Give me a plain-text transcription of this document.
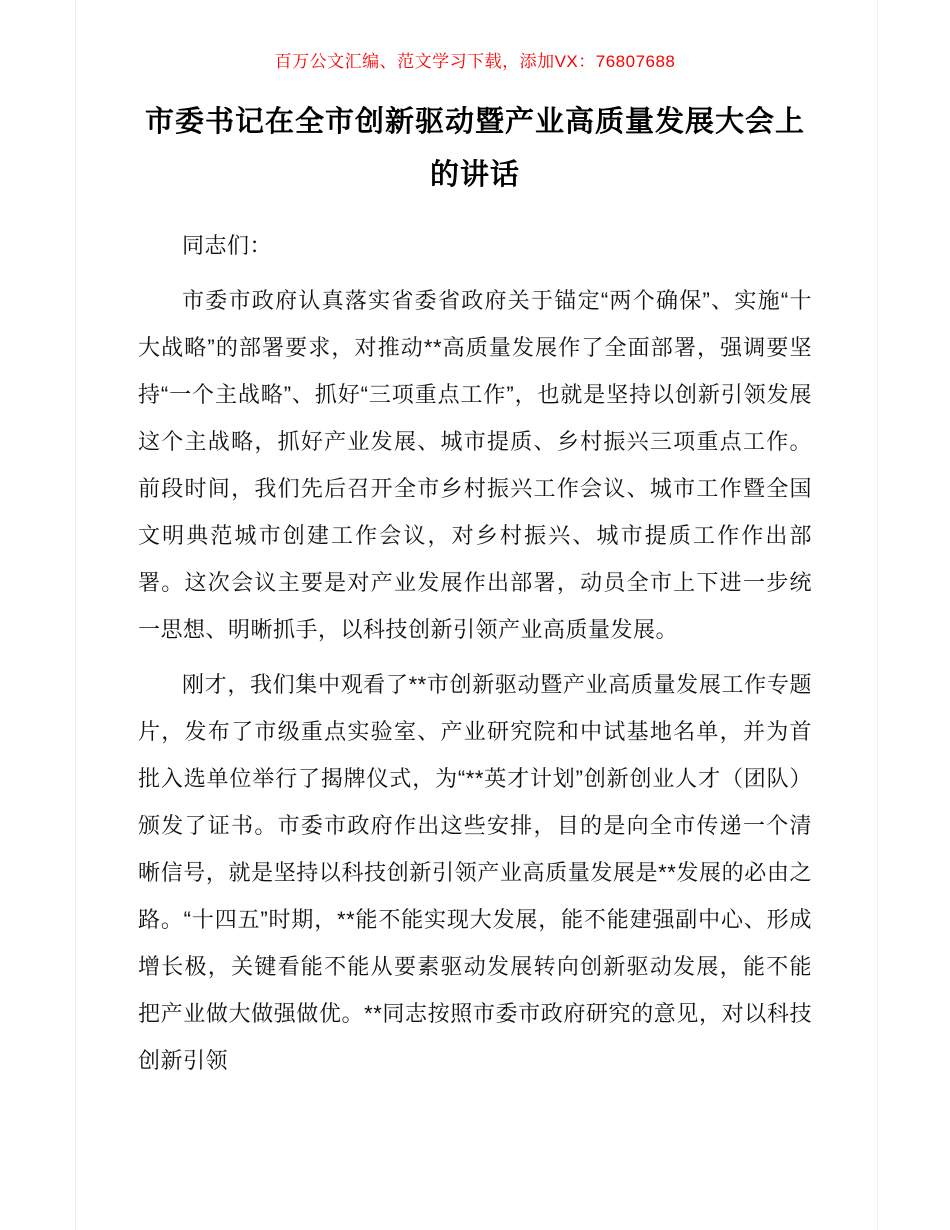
百万公文汇编、范文学习下载，添加VX：76807688
市委书记在全市创新驱动暨产业高质量发展大会上的讲话

同志们：

市委市政府认真落实省委省政府关于锚定“两个确保”、实施“十大战略”的部署要求，对推动**高质量发展作了全面部署，强调要坚持“一个主战略”、抓好“三项重点工作”，也就是坚持以创新引领发展这个主战略，抓好产业发展、城市提质、乡村振兴三项重点工作。前段时间，我们先后召开全市乡村振兴工作会议、城市工作暨全国文明典范城市创建工作会议，对乡村振兴、城市提质工作作出部署。这次会议主要是对产业发展作出部署，动员全市上下进一步统一思想、明晰抓手，以科技创新引领产业高质量发展。

刚才，我们集中观看了**市创新驱动暨产业高质量发展工作专题片，发布了市级重点实验室、产业研究院和中试基地名单，并为首批入选单位举行了揭牌仪式，为“**英才计划”创新创业人才（团队）颁发了证书。市委市政府作出这些安排，目的是向全市传递一个清晰信号，就是坚持以科技创新引领产业高质量发展是**发展的必由之路。“十四五”时期，**能不能实现大发展，能不能建强副中心、形成增长极，关键看能不能从要素驱动发展转向创新驱动发展，能不能把产业做大做强做优。**同志按照市委市政府研究的意见，对以科技创新引领
